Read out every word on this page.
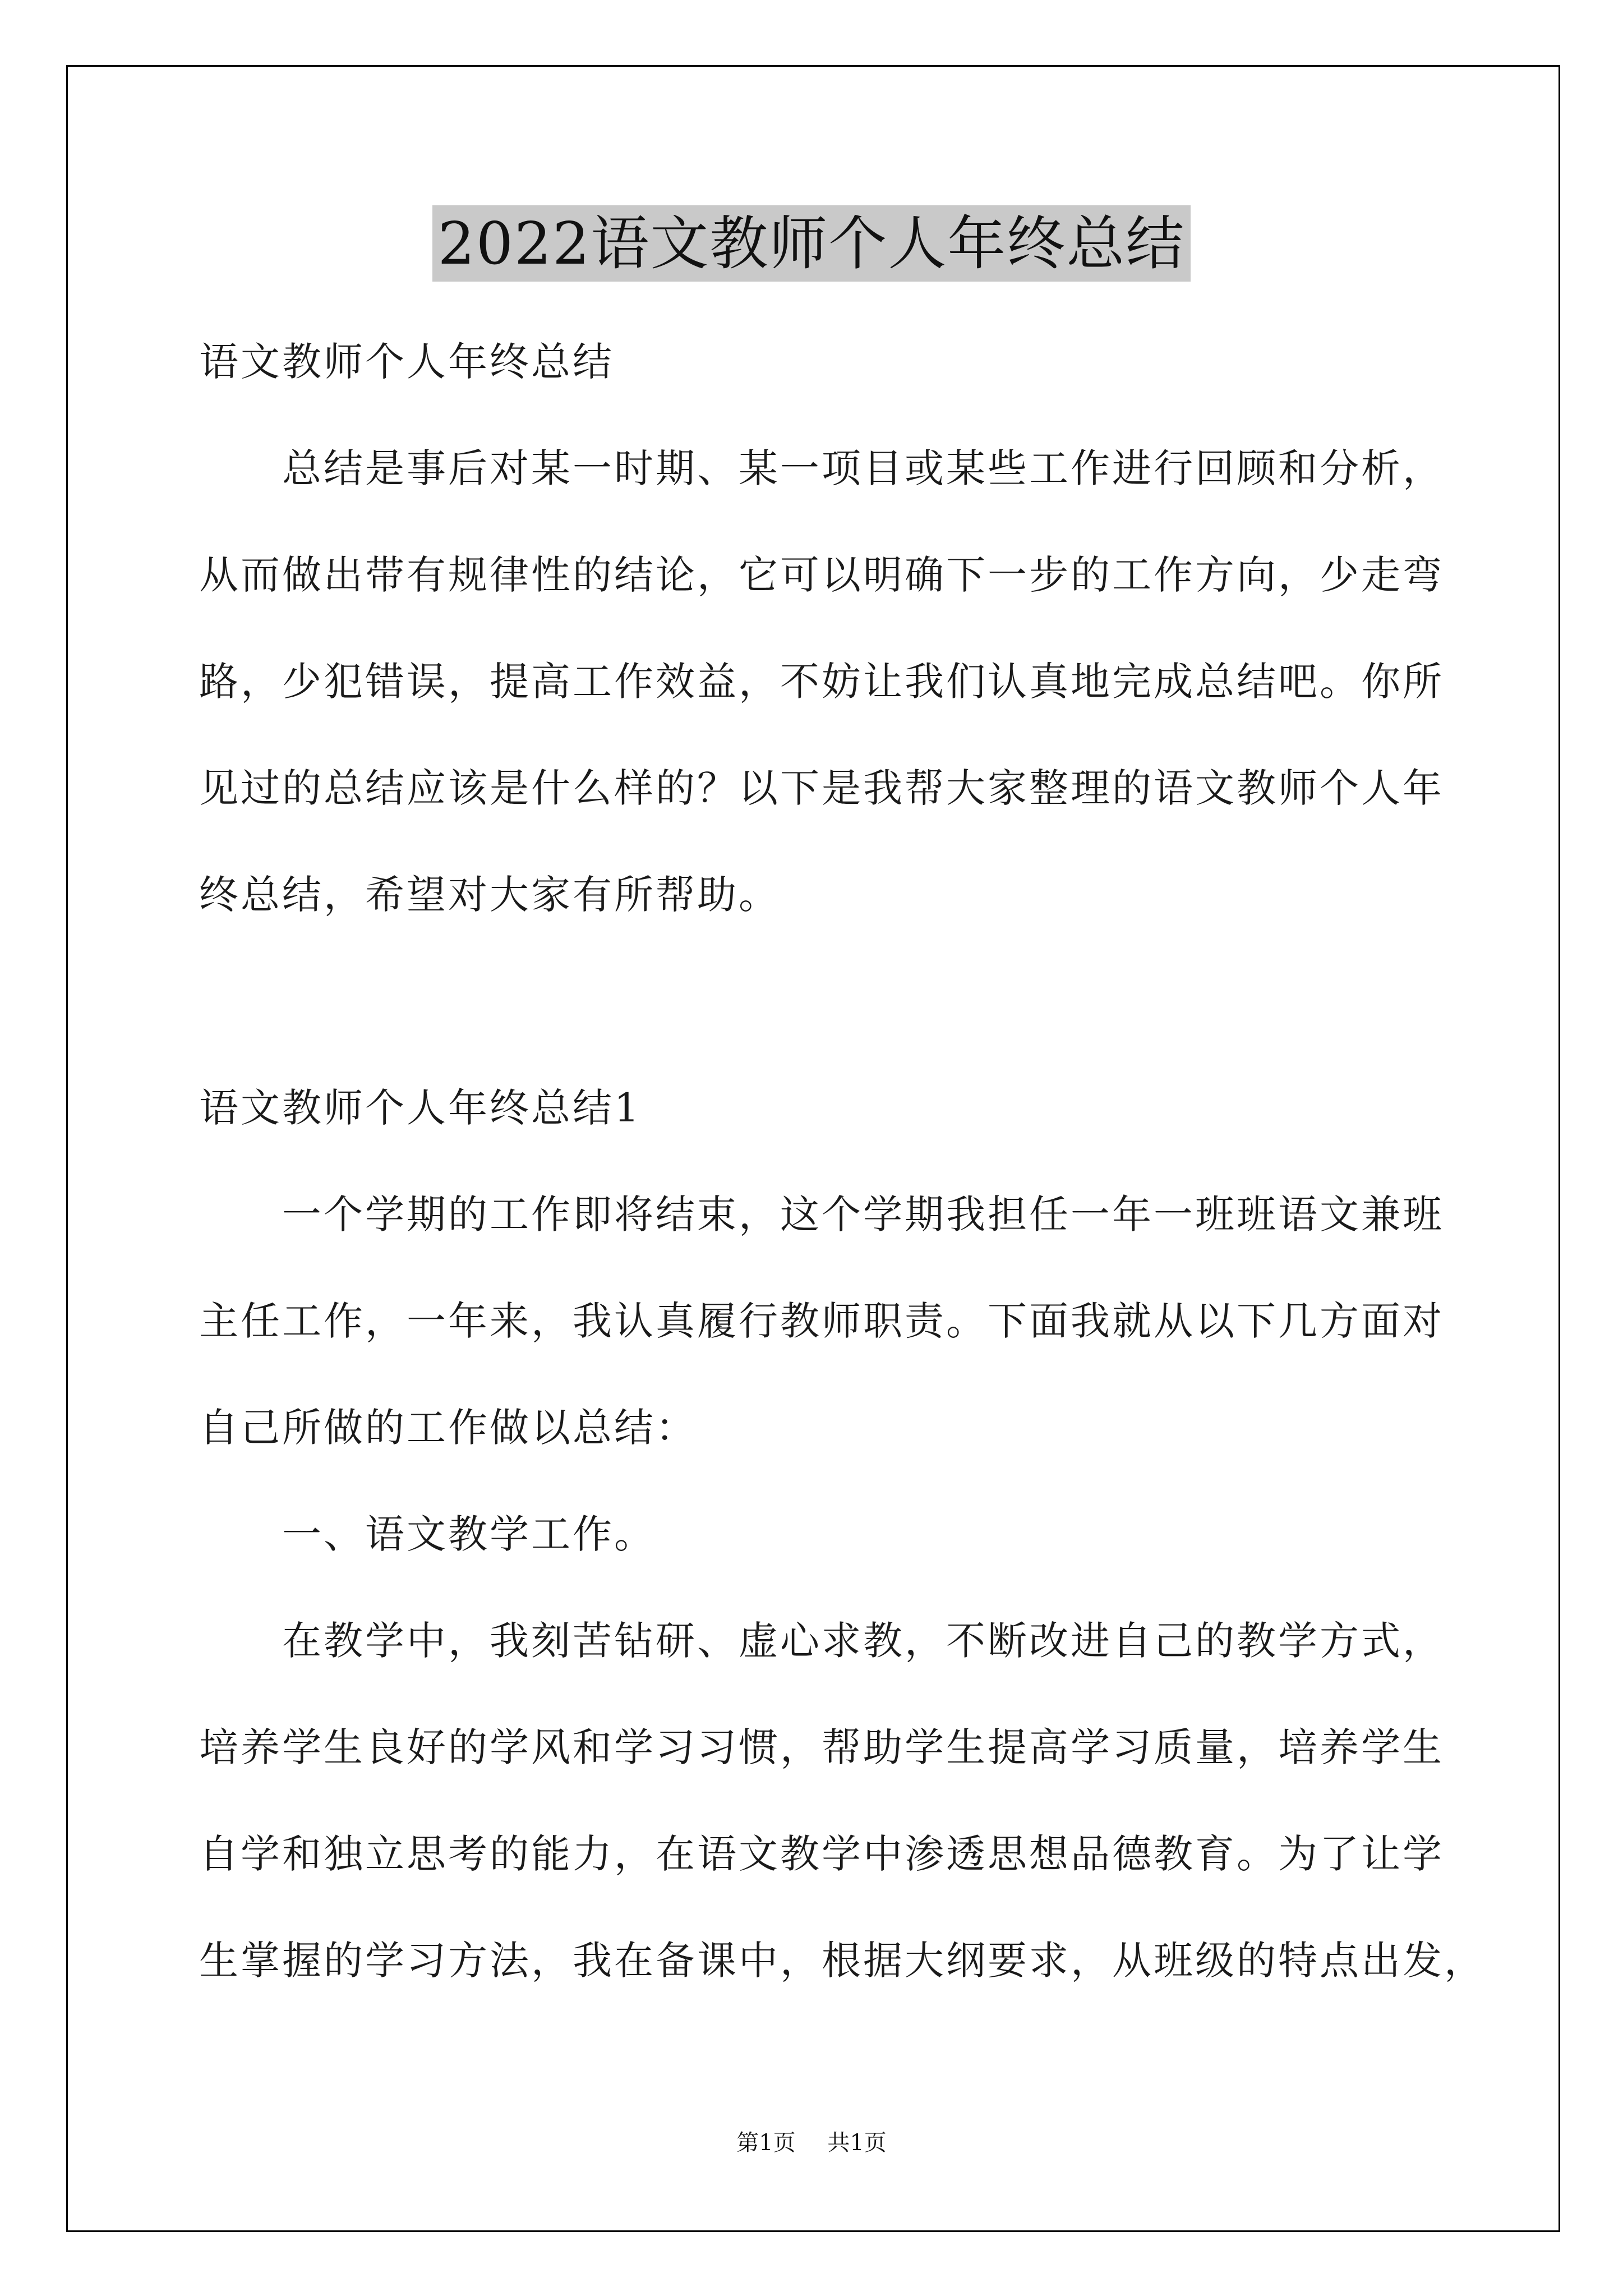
2022语文教师个人年终总结
语文教师个人年终总结
总结是事后对某一时期、某一项目或某些工作进行回顾和分析，
从而做出带有规律性的结论，它可以明确下一步的工作方向，少走弯
路，少犯错误，提高工作效益，不妨让我们认真地完成总结吧。你所
见过的总结应该是什么样的？以下是我帮大家整理的语文教师个人年
终总结，希望对大家有所帮助。
语文教师个人年终总结1
一个学期的工作即将结束，这个学期我担任一年一班班语文兼班
主任工作，一年来，我认真履行教师职责。下面我就从以下几方面对
自己所做的工作做以总结：
一、语文教学工作。
在教学中，我刻苦钻研、虚心求教，不断改进自己的教学方式，
培养学生良好的学风和学习习惯，帮助学生提高学习质量，培养学生
自学和独立思考的能力，在语文教学中渗透思想品德教育。为了让学
生掌握的学习方法，我在备课中，根据大纲要求，从班级的特点出发，
第1页 共1页
